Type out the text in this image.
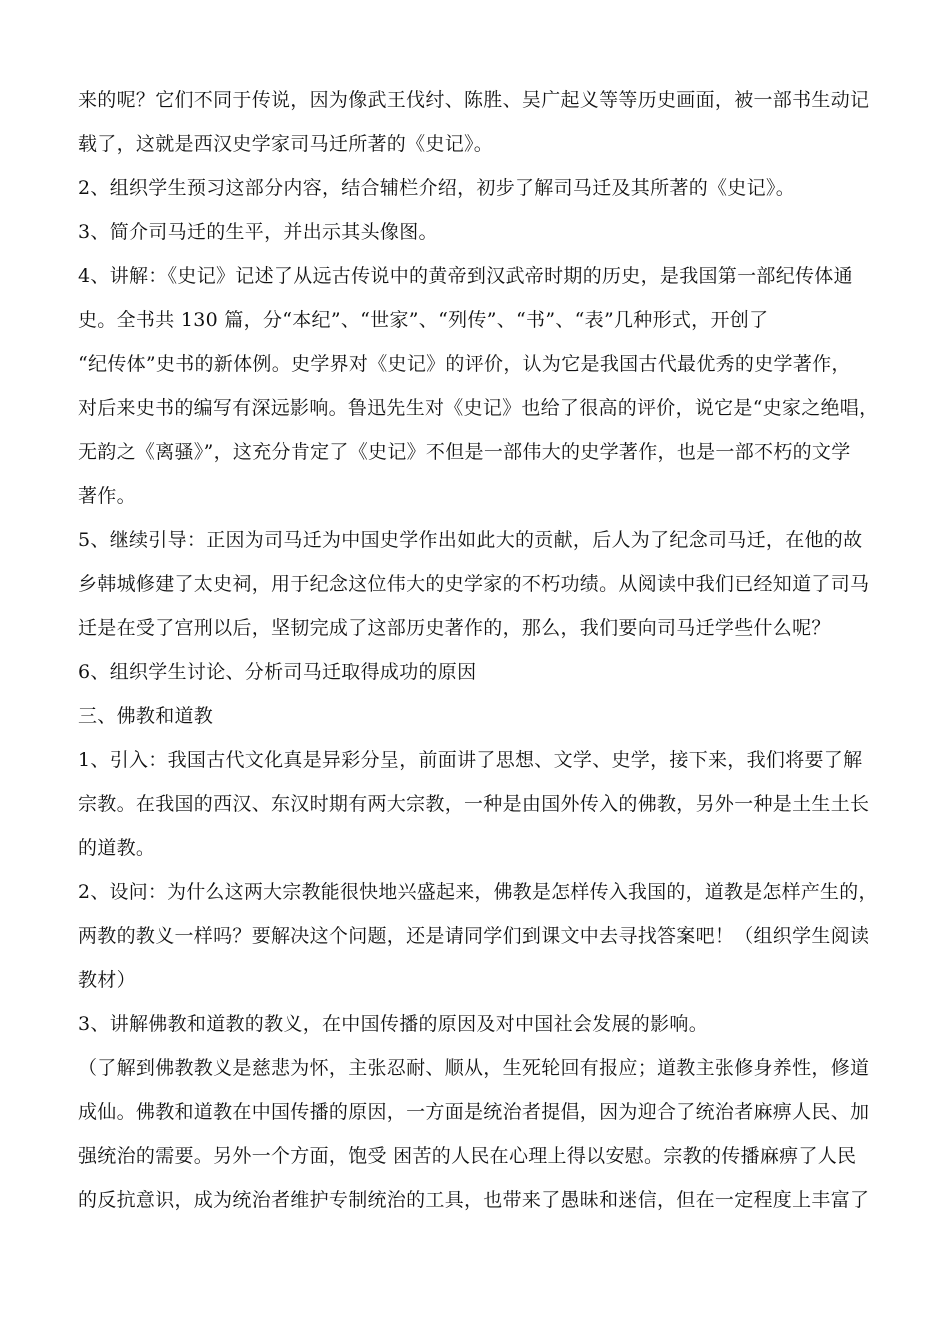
来的呢？它们不同于传说，因为像武王伐纣、陈胜、吴广起义等等历史画面，被一部书生动记
载了，这就是西汉史学家司马迁所著的《史记》。
2、组织学生预习这部分内容，结合辅栏介绍，初步了解司马迁及其所著的《史记》。
3、简介司马迁的生平，并出示其头像图。
4、讲解：《史记》记述了从远古传说中的黄帝到汉武帝时期的历史，是我国第一部纪传体通
史。全书共 130 篇，分“本纪”、“世家”、“列传”、“书”、“表”几种形式，开创了
“纪传体”史书的新体例。史学界对《史记》的评价，认为它是我国古代最优秀的史学著作，
对后来史书的编写有深远影响。鲁迅先生对《史记》也给了很高的评价，说它是“史家之绝唱，
无韵之《离骚》”，这充分肯定了《史记》不但是一部伟大的史学著作，也是一部不朽的文学
著作。
5、继续引导：正因为司马迁为中国史学作出如此大的贡献，后人为了纪念司马迁，在他的故
乡韩城修建了太史祠，用于纪念这位伟大的史学家的不朽功绩。从阅读中我们已经知道了司马
迁是在受了宫刑以后，坚韧完成了这部历史著作的，那么，我们要向司马迁学些什么呢？
6、组织学生讨论、分析司马迁取得成功的原因
三、佛教和道教
1、引入：我国古代文化真是异彩分呈，前面讲了思想、文学、史学，接下来，我们将要了解
宗教。在我国的西汉、东汉时期有两大宗教，一种是由国外传入的佛教，另外一种是土生土长
的道教。
2、设问：为什么这两大宗教能很快地兴盛起来，佛教是怎样传入我国的，道教是怎样产生的，
两教的教义一样吗？要解决这个问题，还是请同学们到课文中去寻找答案吧！（组织学生阅读
教材）
3、讲解佛教和道教的教义，在中国传播的原因及对中国社会发展的影响。
（了解到佛教教义是慈悲为怀，主张忍耐、顺从，生死轮回有报应；道教主张修身养性，修道
成仙。佛教和道教在中国传播的原因，一方面是统治者提倡，因为迎合了统治者麻痹人民、加
强统治的需要。另外一个方面，饱受 困苦的人民在心理上得以安慰。宗教的传播麻痹了人民
的反抗意识，成为统治者维护专制统治的工具，也带来了愚昧和迷信，但在一定程度上丰富了
